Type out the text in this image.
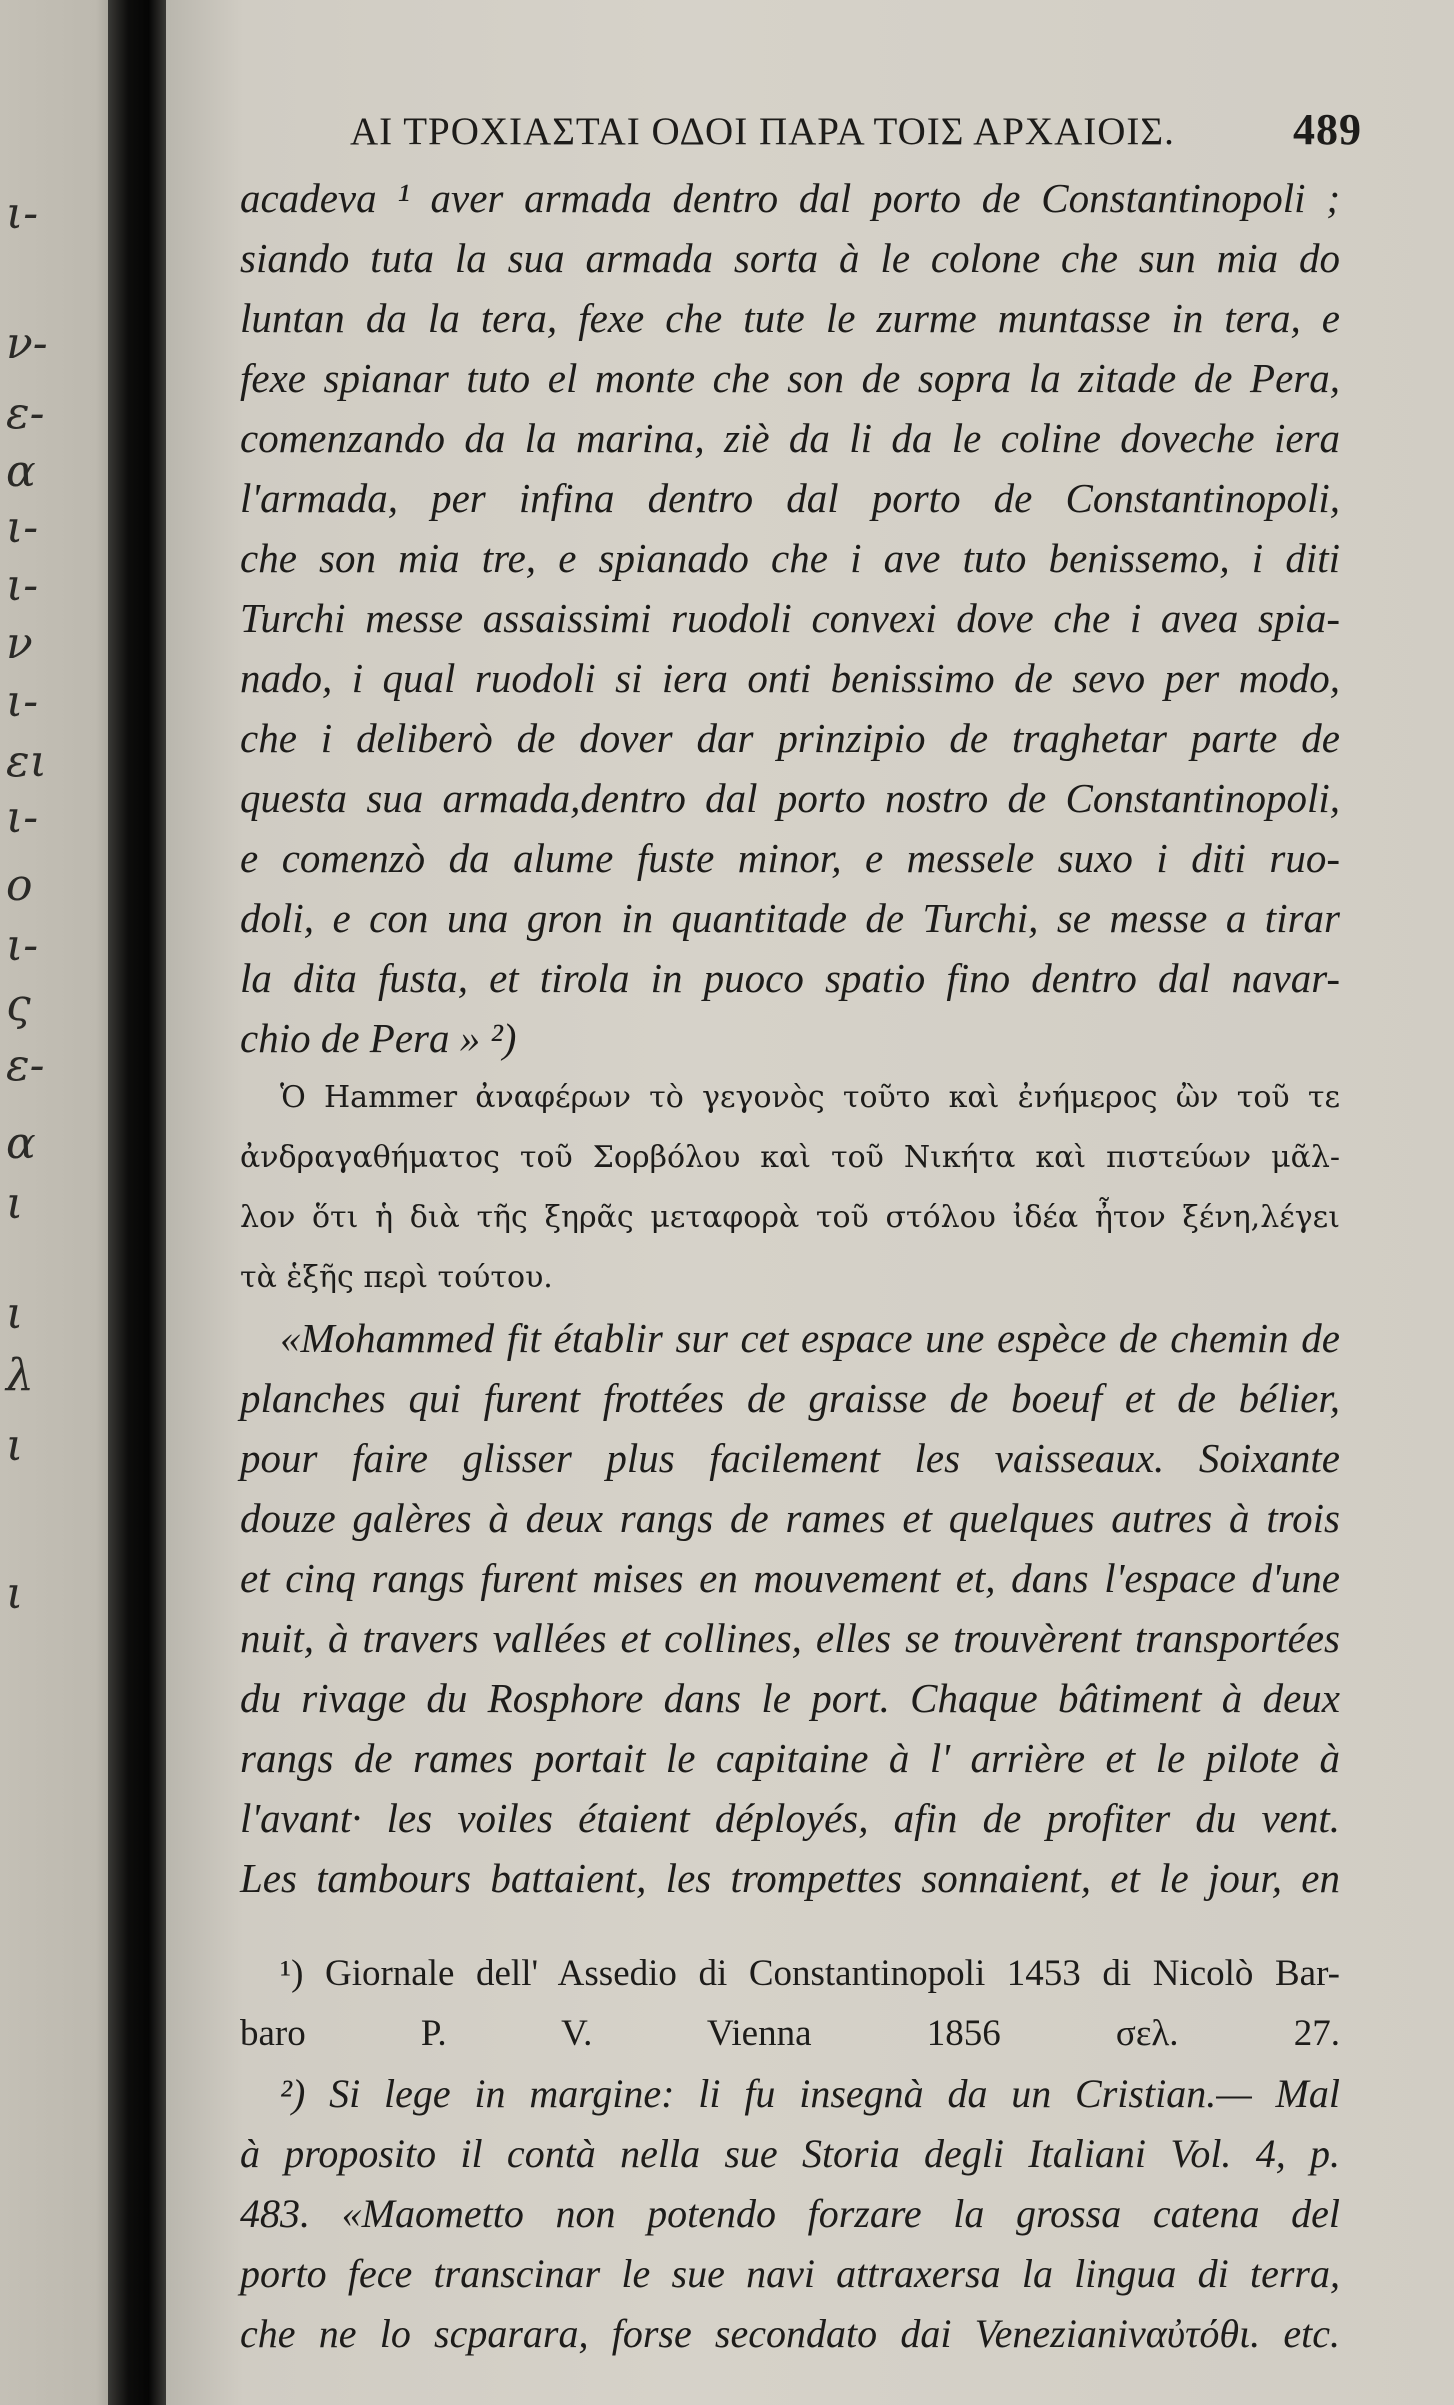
ι-
ν-
ε-
α
ι-
ι-
ν
ι-
ει
ι-
ο
ι-
ς
ε-
α
ι
ι
λ
ι
ι
ΑΙ ΤΡΟΧΙΑΣΤΑΙ ΟΔΟΙ ΠΑΡΑ ΤΟΙΣ ΑΡΧΑΙΟΙΣ.	489
acadeva ¹ aver armada dentro dal porto de Constantinopoli ;
siando tuta la sua armada sorta à le colone che sun mia do
luntan da la tera, fexe che tute le zurme muntasse in tera, e
fexe spianar tuto el monte che son de sopra la zitade de Pera,
comenzando da la marina, ziè da li da le coline doveche iera
l'armada, per infina dentro dal porto de Constantinopoli,
che son mia tre, e spianado che i ave tuto benissemo, i diti
Turchi messe assaissimi ruodoli convexi dove che i avea spia-
nado, i qual ruodoli si iera onti benissimo de sevo per modo,
che i deliberò de dover dar prinzipio de traghetar parte de
questa sua armada,dentro dal porto nostro de Constantinopoli,
e comenzò da alume fuste minor, e messele suxo i diti ruo-
doli, e con una gron in quantitade de Turchi, se messe a tirar
la dita fusta, et tirola in puoco spatio fino dentro dal navar-
chio de Pera » ²)
Ὁ Hammer ἀναφέρων τὸ γεγονὸς τοῦτο καὶ ἐνήμερος ὢν τοῦ τε
ἀνδραγαθήματος τοῦ Σορβόλου καὶ τοῦ Νικήτα καὶ πιστεύων μᾶλ-
λον ὅτι ἡ διὰ τῆς ξηρᾶς μεταφορὰ τοῦ στόλου ἰδέα ἦτον ξένη,λέγει
τὰ ἑξῆς περὶ τούτου.
«Mohammed fit établir sur cet espace une espèce de chemin de
planches qui furent frottées de graisse de boeuf et de bélier,
pour faire glisser plus facilement les vaisseaux. Soixante
douze galères à deux rangs de rames et quelques autres à trois
et cinq rangs furent mises en mouvement et, dans l'espace d'une
nuit, à travers vallées et collines, elles se trouvèrent transportées
du rivage du Rosphore dans le port. Chaque bâtiment à deux
rangs de rames portait le capitaine à l' arrière et le pilote à
l'avant· les voiles étaient déployés, afin de profiter du vent.
Les tambours battaient, les trompettes sonnaient, et le jour, en
¹) Giornale dell' Assedio di Constantinopoli 1453 di Nicolò Bar-
baro P. V. Vienna 1856 σελ. 27.
²) Si lege in margine: li fu insegnà da un Cristian.— Mal
à proposito il contà nella sue Storia degli Italiani Vol. 4, p.
483. «Maometto non potendo forzare la grossa catena del
porto fece transcinar le sue navi attraxersa la lingua di terra,
che ne lo scparara, forse secondato dai Venezianiναὐτόθι. etc.
